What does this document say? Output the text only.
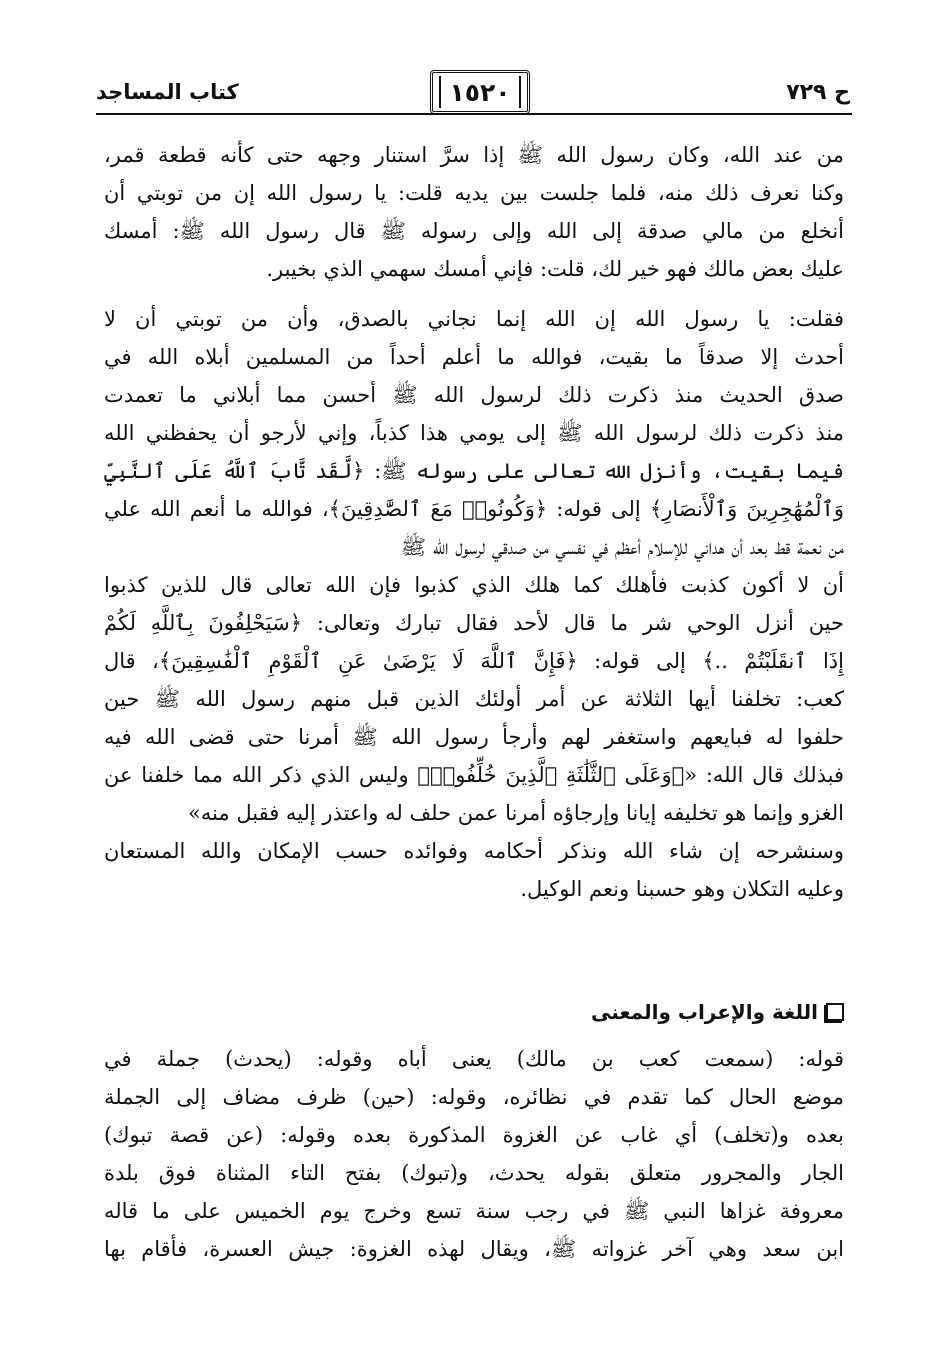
ح ٧٢٩
١٥٢٠
كتاب المساجد
من عند الله، وكان رسول الله ﷺ إذا سرَّ استنار وجهه حتى كأنه قطعة قمر،
وكنا نعرف ذلك منه، فلما جلست بين يديه قلت: يا رسول الله إن من توبتي أن
أنخلع من مالي صدقة إلى الله وإلى رسوله ﷺ قال رسول الله ﷺ: أمسك
عليك بعض مالك فهو خير لك، قلت: فإني أمسك سهمي الذي بخيبر.
فقلت: يا رسول الله إن الله إنما نجاني بالصدق، وأن من توبتي أن لا
أحدث إلا صدقاً ما بقيت، فوالله ما أعلم أحداً من المسلمين أبلاه الله في
صدق الحديث منذ ذكرت ذلك لرسول الله ﷺ أحسن مما أبلاني ما تعمدت
منذ ذكرت ذلك لرسول الله ﷺ إلى يومي هذا كذباً، وإني لأرجو أن يحفظني الله
فيما بقيت، وأنزل الله تعالى على رسوله ﷺ: ﴿لَّقَد تَّابَ ٱللَّهُ عَلَى ٱلنَّبِيِّ
وَٱلْمُهَٰجِرِينَ وَٱلْأَنصَارِ﴾ إلى قوله: ﴿وَكُونُوا۟ مَعَ ٱلصَّٰدِقِينَ﴾، فوالله ما أنعم الله علي
من نعمة قط بعد أن هداني للإسلام أعظم في نفسي من صدقي لرسول الله ﷺ
أن لا أكون كذبت فأهلك كما هلك الذي كذبوا فإن الله تعالى قال للذين كذبوا
حين أنزل الوحي شر ما قال لأحد فقال تبارك وتعالى: ﴿سَيَحْلِفُونَ بِٱللَّهِ لَكُمْ
إِذَا ٱنقَلَبْتُمْ ..﴾ إلى قوله: ﴿فَإِنَّ ٱللَّهَ لَا يَرْضَىٰ عَنِ ٱلْقَوْمِ ٱلْفَٰسِقِينَ﴾، قال
كعب: تخلفنا أيها الثلاثة عن أمر أولئك الذين قبل منهم رسول الله ﷺ حين
حلفوا له فبايعهم واستغفر لهم وأرجأ رسول الله ﷺ أمرنا حتى قضى الله فيه
فبذلك قال الله: «﴿وَعَلَى ٱلثَّلَٰثَةِ ٱلَّذِينَ خُلِّفُوا۟﴾ وليس الذي ذكر الله مما خلفنا عن
الغزو وإنما هو تخليفه إيانا وإرجاؤه أمرنا عمن حلف له واعتذر إليه فقبل منه»
وسنشرحه إن شاء الله ونذكر أحكامه وفوائده حسب الإمكان والله المستعان
وعليه التكلان وهو حسبنا ونعم الوكيل.
اللغة والإعراب والمعنى
قوله: (سمعت كعب بن مالك) يعنى أباه وقوله: (يحدث) جملة في
موضع الحال كما تقدم في نظائره، وقوله: (حين) ظرف مضاف إلى الجملة
بعده و(تخلف) أي غاب عن الغزوة المذكورة بعده وقوله: (عن قصة تبوك)
الجار والمجرور متعلق بقوله يحدث، و(تبوك) بفتح التاء المثناة فوق بلدة
معروفة غزاها النبي ﷺ في رجب سنة تسع وخرج يوم الخميس على ما قاله
ابن سعد وهي آخر غزواته ﷺ، ويقال لهذه الغزوة: جيش العسرة، فأقام بها
